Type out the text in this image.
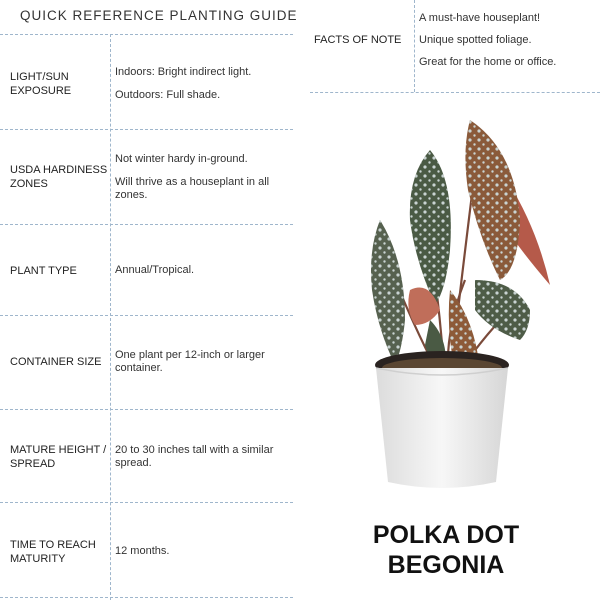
QUICK REFERENCE PLANTING GUIDE
LIGHT/SUN EXPOSURE

Indoors: Bright indirect light.

Outdoors: Full shade.

USDA HARDINESS ZONES

Not winter hardy in-ground.

Will thrive as a houseplant in all zones.

PLANT TYPE	Annual/Tropical.

CONTAINER SIZE

One plant per 12-inch or larger container.

MATURE HEIGHT / SPREAD

20 to 30 inches tall with a similar spread.

TIME TO REACH MATURITY

12 months.

FACTS OF NOTE
A must-have houseplant!
Unique spotted foliage.
Great for the home or office.
POLKA DOT
BEGONIA
